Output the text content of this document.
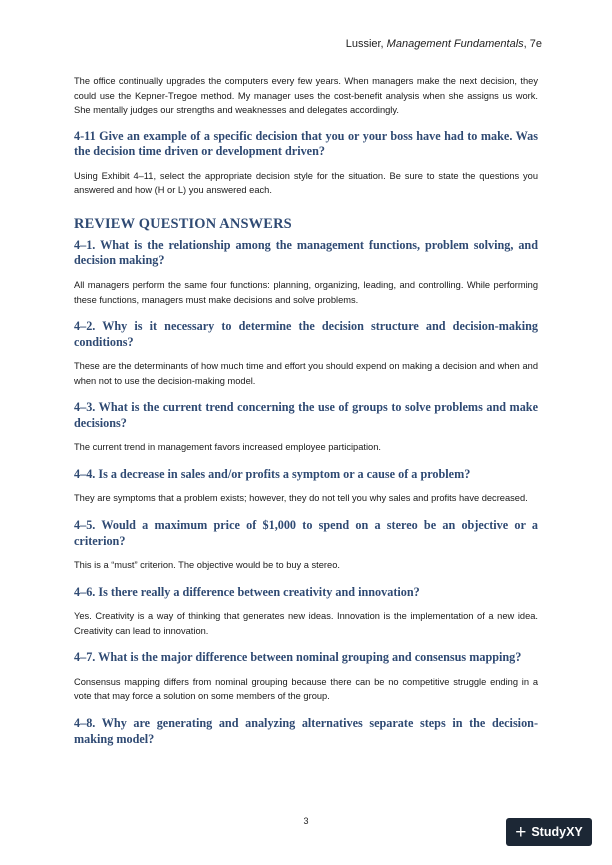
Lussier, Management Fundamentals, 7e

The office continually upgrades the computers every few years. When managers make the next decision, they could use the Kepner-Tregoe method. My manager uses the cost-benefit analysis when she assigns us work. She mentally judges our strengths and weaknesses and delegates accordingly.

4-11 Give an example of a specific decision that you or your boss have had to make. Was the decision time driven or development driven?

Using Exhibit 4–11, select the appropriate decision style for the situation. Be sure to state the questions you answered and how (H or L) you answered each.

REVIEW QUESTION ANSWERS
4–1. What is the relationship among the management functions, problem solving, and decision making?

All managers perform the same four functions: planning, organizing, leading, and controlling. While performing these functions, managers must make decisions and solve problems.

4–2. Why is it necessary to determine the decision structure and decision-making conditions?

These are the determinants of how much time and effort you should expend on making a decision and when and when not to use the decision-making model.

4–3. What is the current trend concerning the use of groups to solve problems and make decisions?

The current trend in management favors increased employee participation.

4–4. Is a decrease in sales and/or profits a symptom or a cause of a problem?

They are symptoms that a problem exists; however, they do not tell you why sales and profits have decreased.

4–5. Would a maximum price of $1,000 to spend on a stereo be an objective or a criterion?

This is a “must” criterion. The objective would be to buy a stereo.

4–6. Is there really a difference between creativity and innovation?

Yes. Creativity is a way of thinking that generates new ideas. Innovation is the implementation of a new idea. Creativity can lead to innovation.

4–7. What is the major difference between nominal grouping and consensus mapping?

Consensus mapping differs from nominal grouping because there can be no competitive struggle ending in a vote that may force a solution on some members of the group.

4–8. Why are generating and analyzing alternatives separate steps in the decision-making model?
3
+ StudyXY
